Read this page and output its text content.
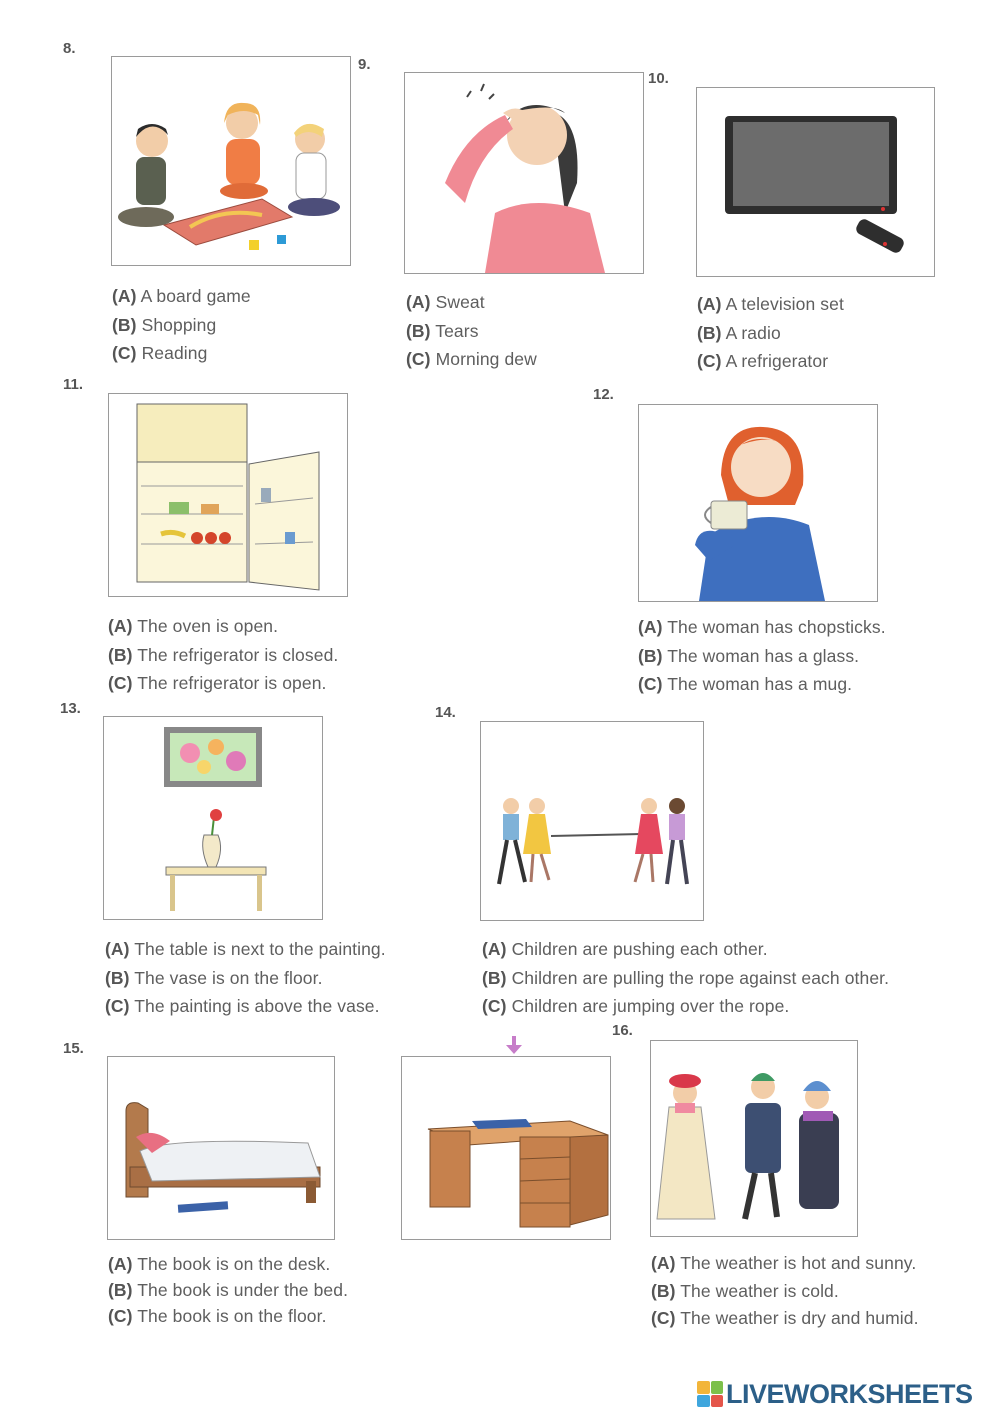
8.
(A) A board game
(B) Shopping
(C) Reading
9.
(A) Sweat
(B) Tears
(C) Morning dew
10.
(A) A television set
(B) A radio
(C) A refrigerator
11.
(A) The oven is open.
(B) The refrigerator is closed.
(C) The refrigerator is open.
12.
(A) The woman has chopsticks.
(B) The woman has a glass.
(C) The woman has a mug.
13.
(A) The table is next to the painting.
(B) The vase is on the floor.
(C) The painting is above the vase.
14.
(A) Children are pushing each other.
(B) Children are pulling the rope against each other.
(C) Children are jumping over the rope.
15.
(A) The book is on the desk.
(B) The book is under the bed.
(C) The book is on the floor.
16.
(A) The weather is hot and sunny.
(B) The weather is cold.
(C) The weather is dry and humid.
LIVEWORKSHEETS
